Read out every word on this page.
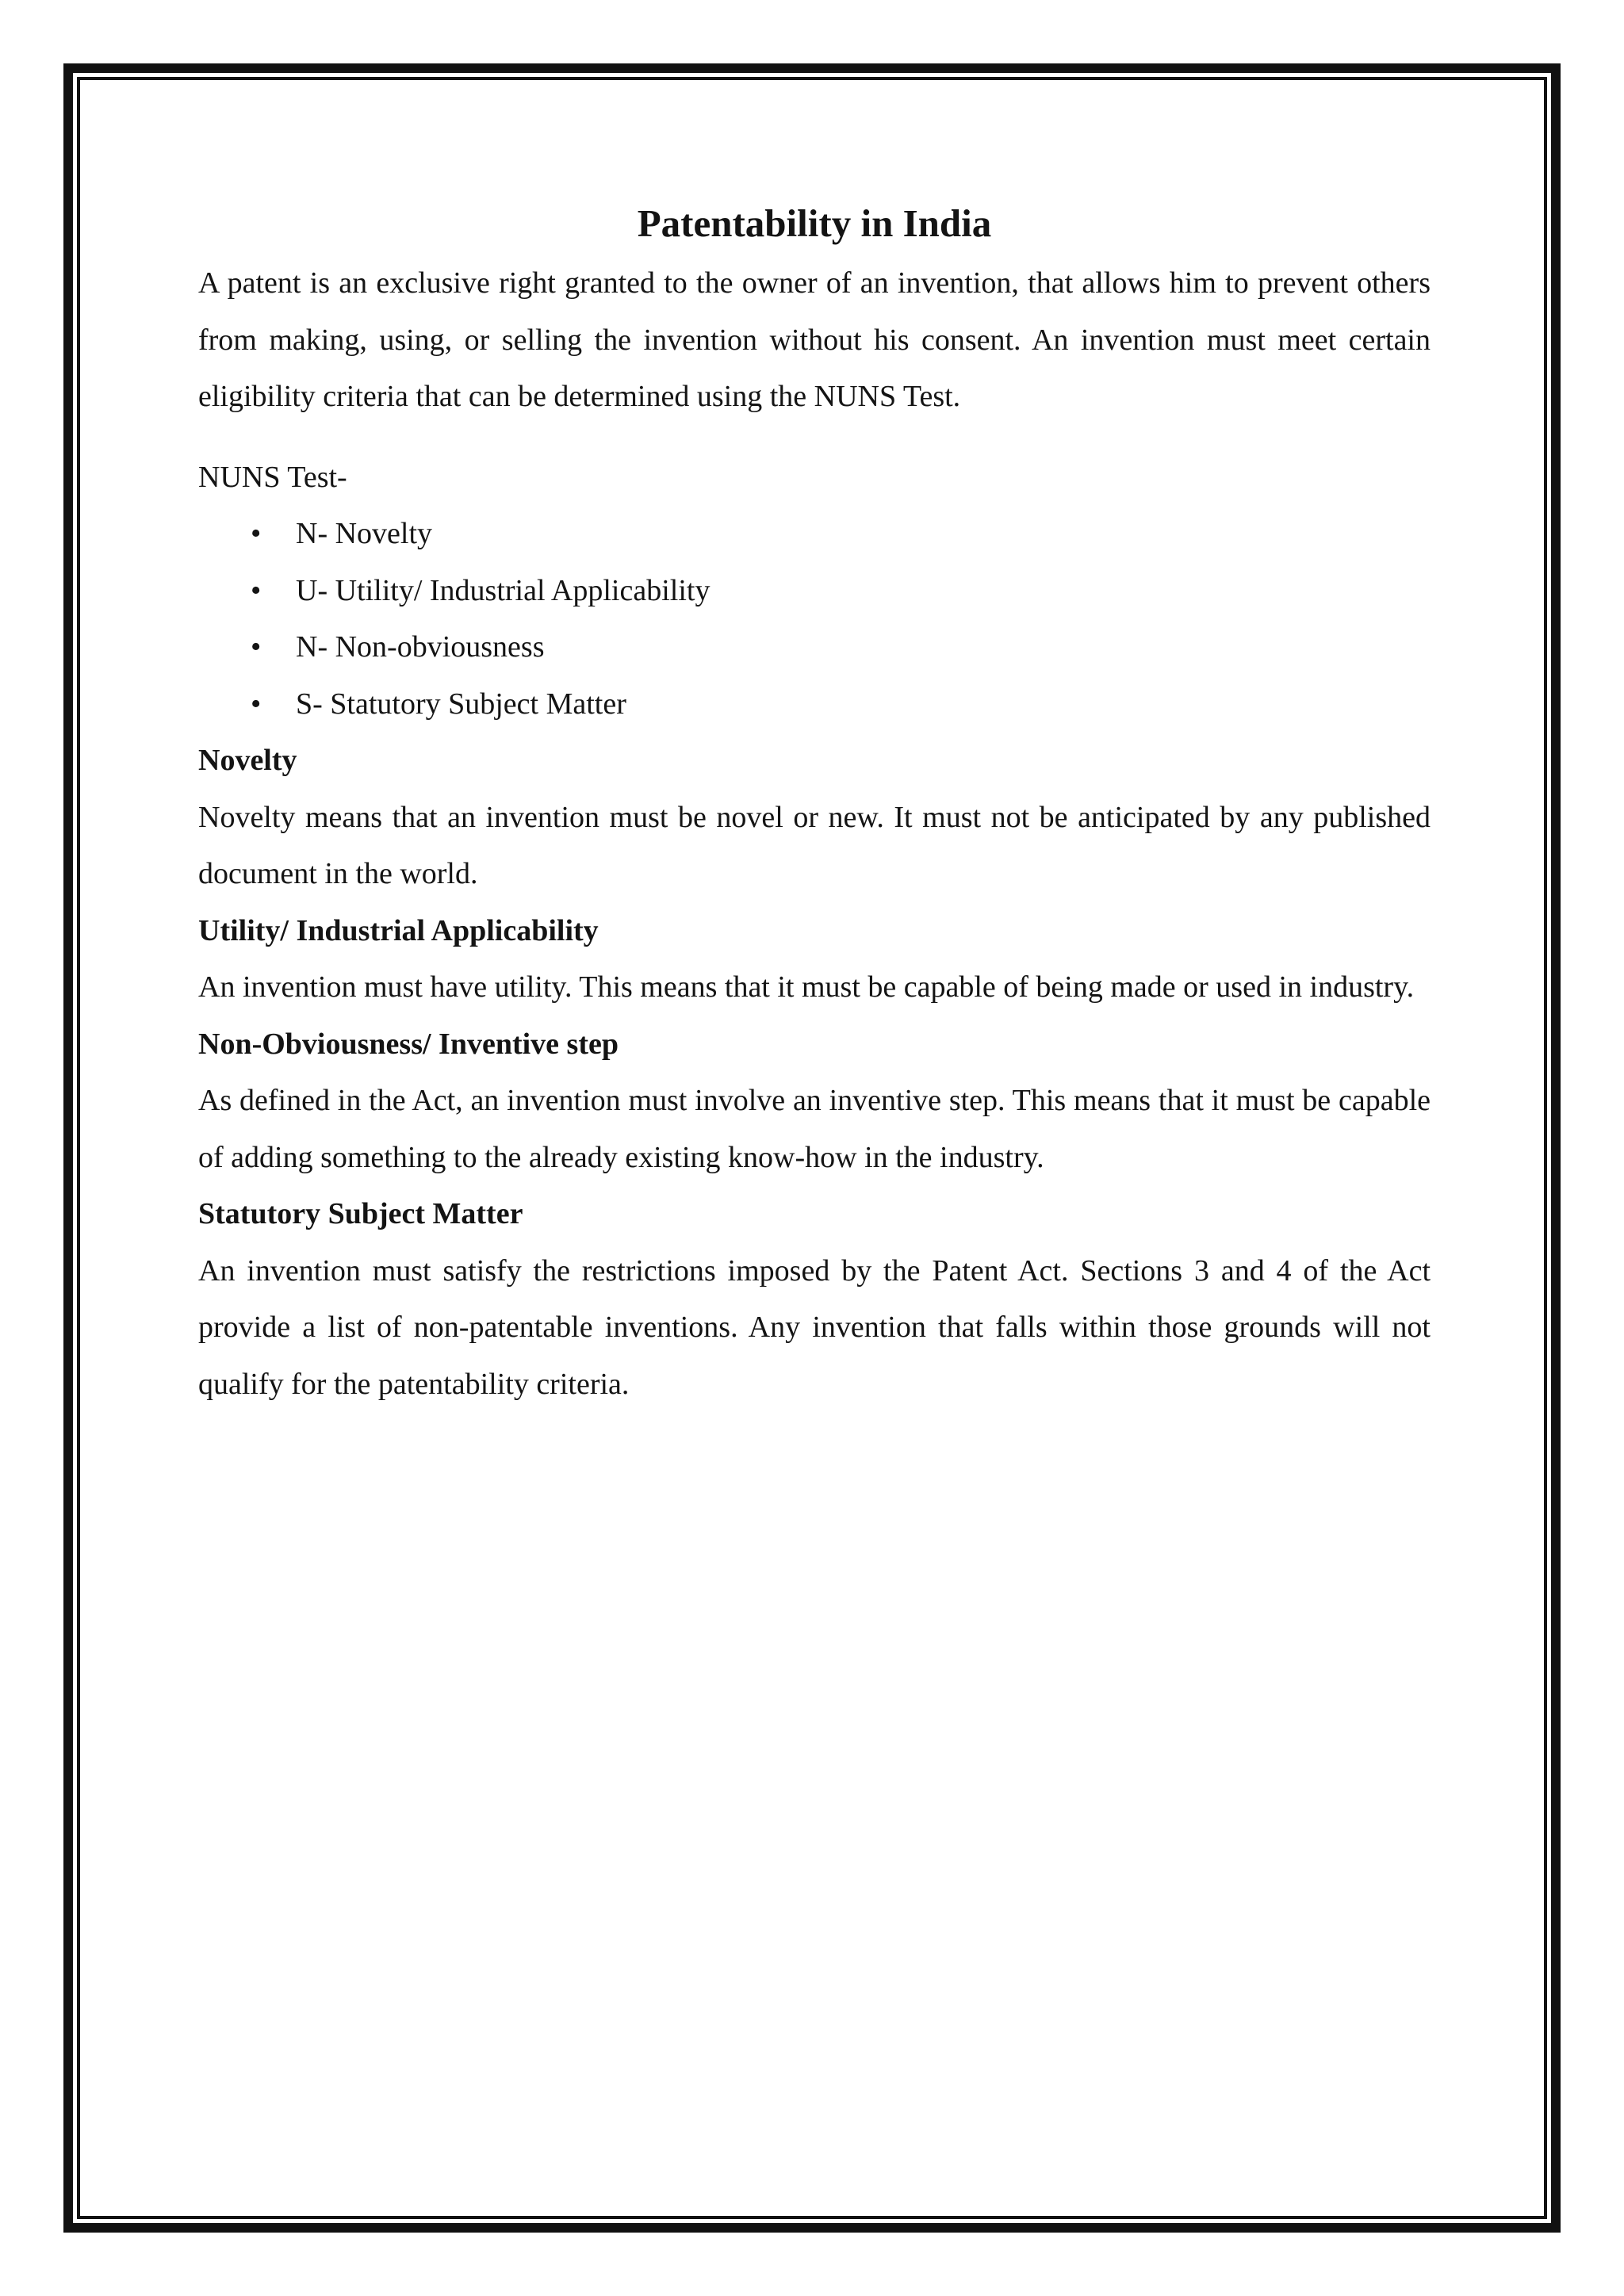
Patentability in India

A patent is an exclusive right granted to the owner of an invention, that allows him to prevent others from making, using, or selling the invention without his consent. An invention must meet certain eligibility criteria that can be determined using the NUNS Test.

NUNS Test-

• N- Novelty
• U- Utility/ Industrial Applicability
• N- Non-obviousness
• S- Statutory Subject Matter

Novelty

Novelty means that an invention must be novel or new. It must not be anticipated by any published document in the world.

Utility/ Industrial Applicability

An invention must have utility. This means that it must be capable of being made or used in industry.

Non-Obviousness/ Inventive step

As defined in the Act, an invention must involve an inventive step. This means that it must be capable of adding something to the already existing know-how in the industry.

Statutory Subject Matter

An invention must satisfy the restrictions imposed by the Patent Act. Sections 3 and 4 of the Act provide a list of non-patentable inventions. Any invention that falls within those grounds will not qualify for the patentability criteria.
